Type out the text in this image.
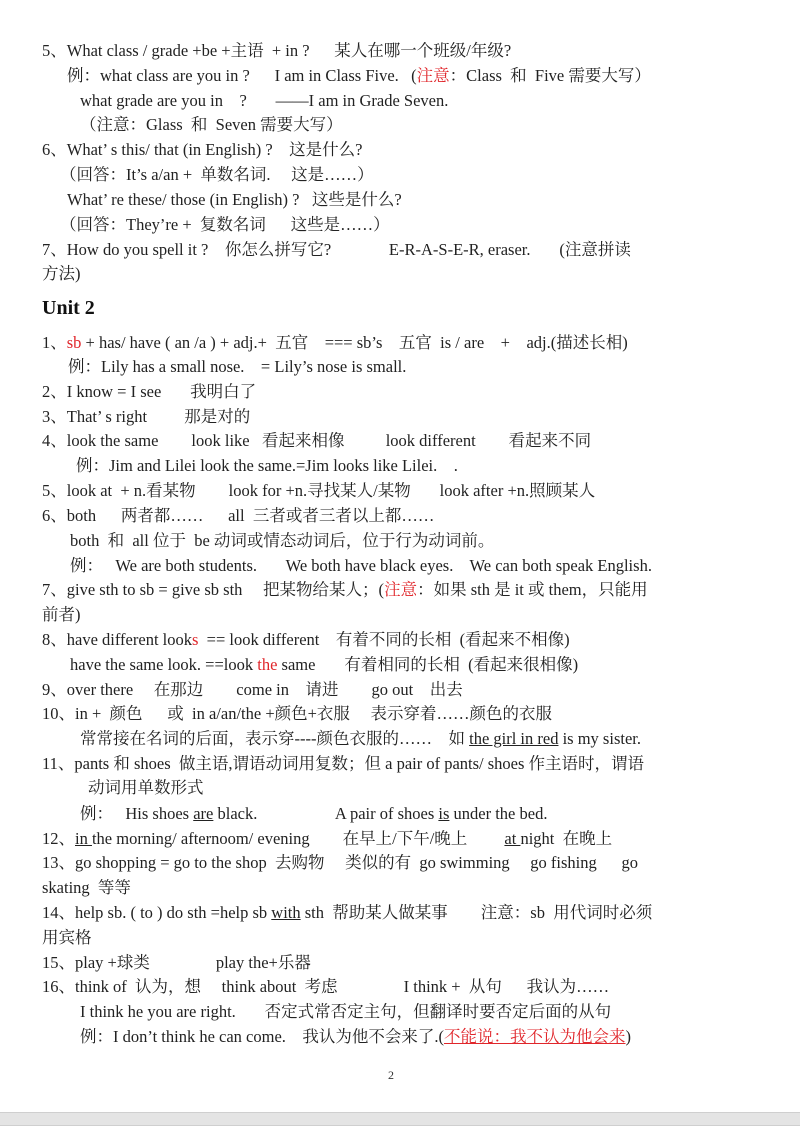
Unit 2
2
5、What class / grade +be +主语  + in ?      某人在哪一个班级/年级?
例：what class are you in ?      I am in Class Five.   (注意：Class  和  Five 需要大写）
what grade are you in    ?       ——I am in Grade Seven.
（注意：Glass  和  Seven 需要大写）
6、What’ s this/ that (in English) ?    这是什么?
（回答：It’s a/an +  单数名词.     这是……）
What’ re these/ those (in English) ?   这些是什么?
（回答：They’re +  复数名词      这些是……）
7、How do you spell it ?    你怎么拼写它?              E-R-A-S-E-R, eraser.       (注意拼读
方法)
1、sb + has/ have ( an /a ) + adj.+  五官    === sb’s    五官  is / are    +    adj.(描述长相)
例：Lily has a small nose.    = Lily’s nose is small.
2、I know = I see       我明白了
3、That’ s right         那是对的
4、look the same        look like   看起来相像          look different        看起来不同
例：Jim and Lilei look the same.=Jim looks like Lilei.    .
5、look at  + n.看某物        look for +n.寻找某人/某物       look after +n.照顾某人
6、both      两者都……      all  三者或者三者以上都……
both  和  all 位于  be 动词或情态动词后，位于行为动词前。
例：   We are both students.       We both have black eyes.    We can both speak English.
7、give sth to sb = give sb sth     把某物给某人；(注意：如果 sth 是 it 或 them，只能用
前者)
8、have different looks  == look different    有着不同的长相  (看起来不相像)
have the same look. ==look the same       有着相同的长相  (看起来很相像)
9、over there     在那边        come in    请进        go out    出去
10、in +  颜色      或  in a/an/the +颜色+衣服     表示穿着……颜色的衣服
常常接在名词的后面，表示穿----颜色衣服的……    如 the girl in red is my sister.
11、pants 和 shoes  做主语,谓语动词用复数；但 a pair of pants/ shoes 作主语时，谓语
动词用单数形式
例：   His shoes are black.                   A pair of shoes is under the bed.
12、in the morning/ afternoom/ evening        在早上/下午/晚上         at night  在晚上
13、go shopping = go to the shop  去购物     类似的有  go swimming     go fishing      go
skating  等等
14、help sb. ( to ) do sth =help sb with sth  帮助某人做某事        注意：sb  用代词时必须
用宾格
15、play +球类                play the+乐器
16、think of  认为，想     think about  考虑                I think +  从句      我认为……
I think he you are right.       否定式常否定主句，但翻译时要否定后面的从句
例：I don’t think he can come.    我认为他不会来了.(不能说：我不认为他会来)
